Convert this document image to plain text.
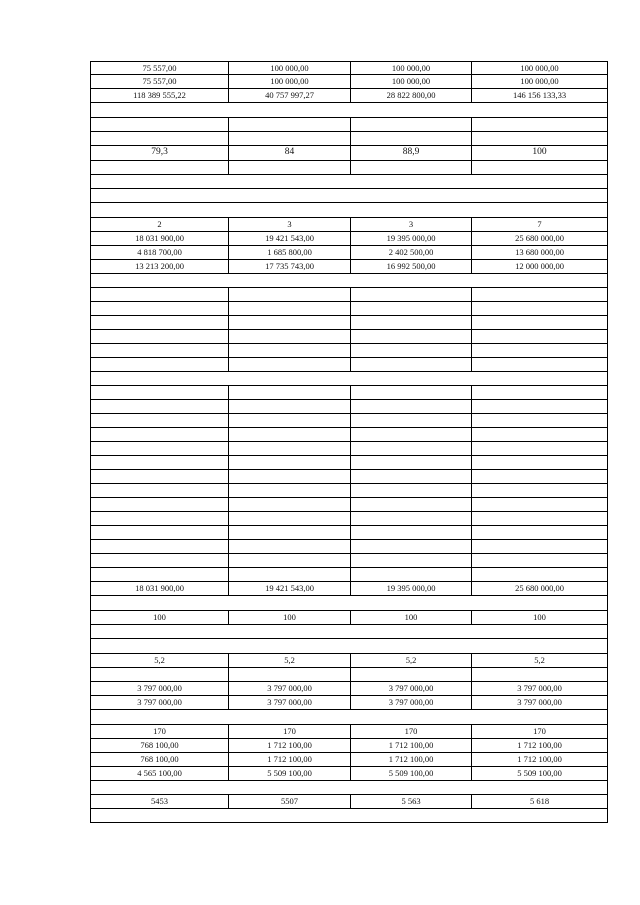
75 557,00	100 000,00	100 000,00	100 000,00
75 557,00	100 000,00	100 000,00	100 000,00
118 389 555,22	40 757 997,27	28 822 800,00	146 156 133,33
79,3	84	88,9	100
2	3	3	7
18 031 900,00	19 421 543,00	19 395 000,00	25 680 000,00
4 818 700,00	1 685 800,00	2 402 500,00	13 680 000,00
13 213 200,00	17 735 743,00	16 992 500,00	12 000 000,00
18 031 900,00	19 421 543,00	19 395 000,00	25 680 000,00
100	100	100	100
5,2	5,2	5,2	5,2
3 797 000,00	3 797 000,00	3 797 000,00	3 797 000,00
3 797 000,00	3 797 000,00	3 797 000,00	3 797 000,00
170	170	170	170
768 100,00	1 712 100,00	1 712 100,00	1 712 100,00
768 100,00	1 712 100,00	1 712 100,00	1 712 100,00
4 565 100,00	5 509 100,00	5 509 100,00	5 509 100,00
5453	5507	5 563	5 618
